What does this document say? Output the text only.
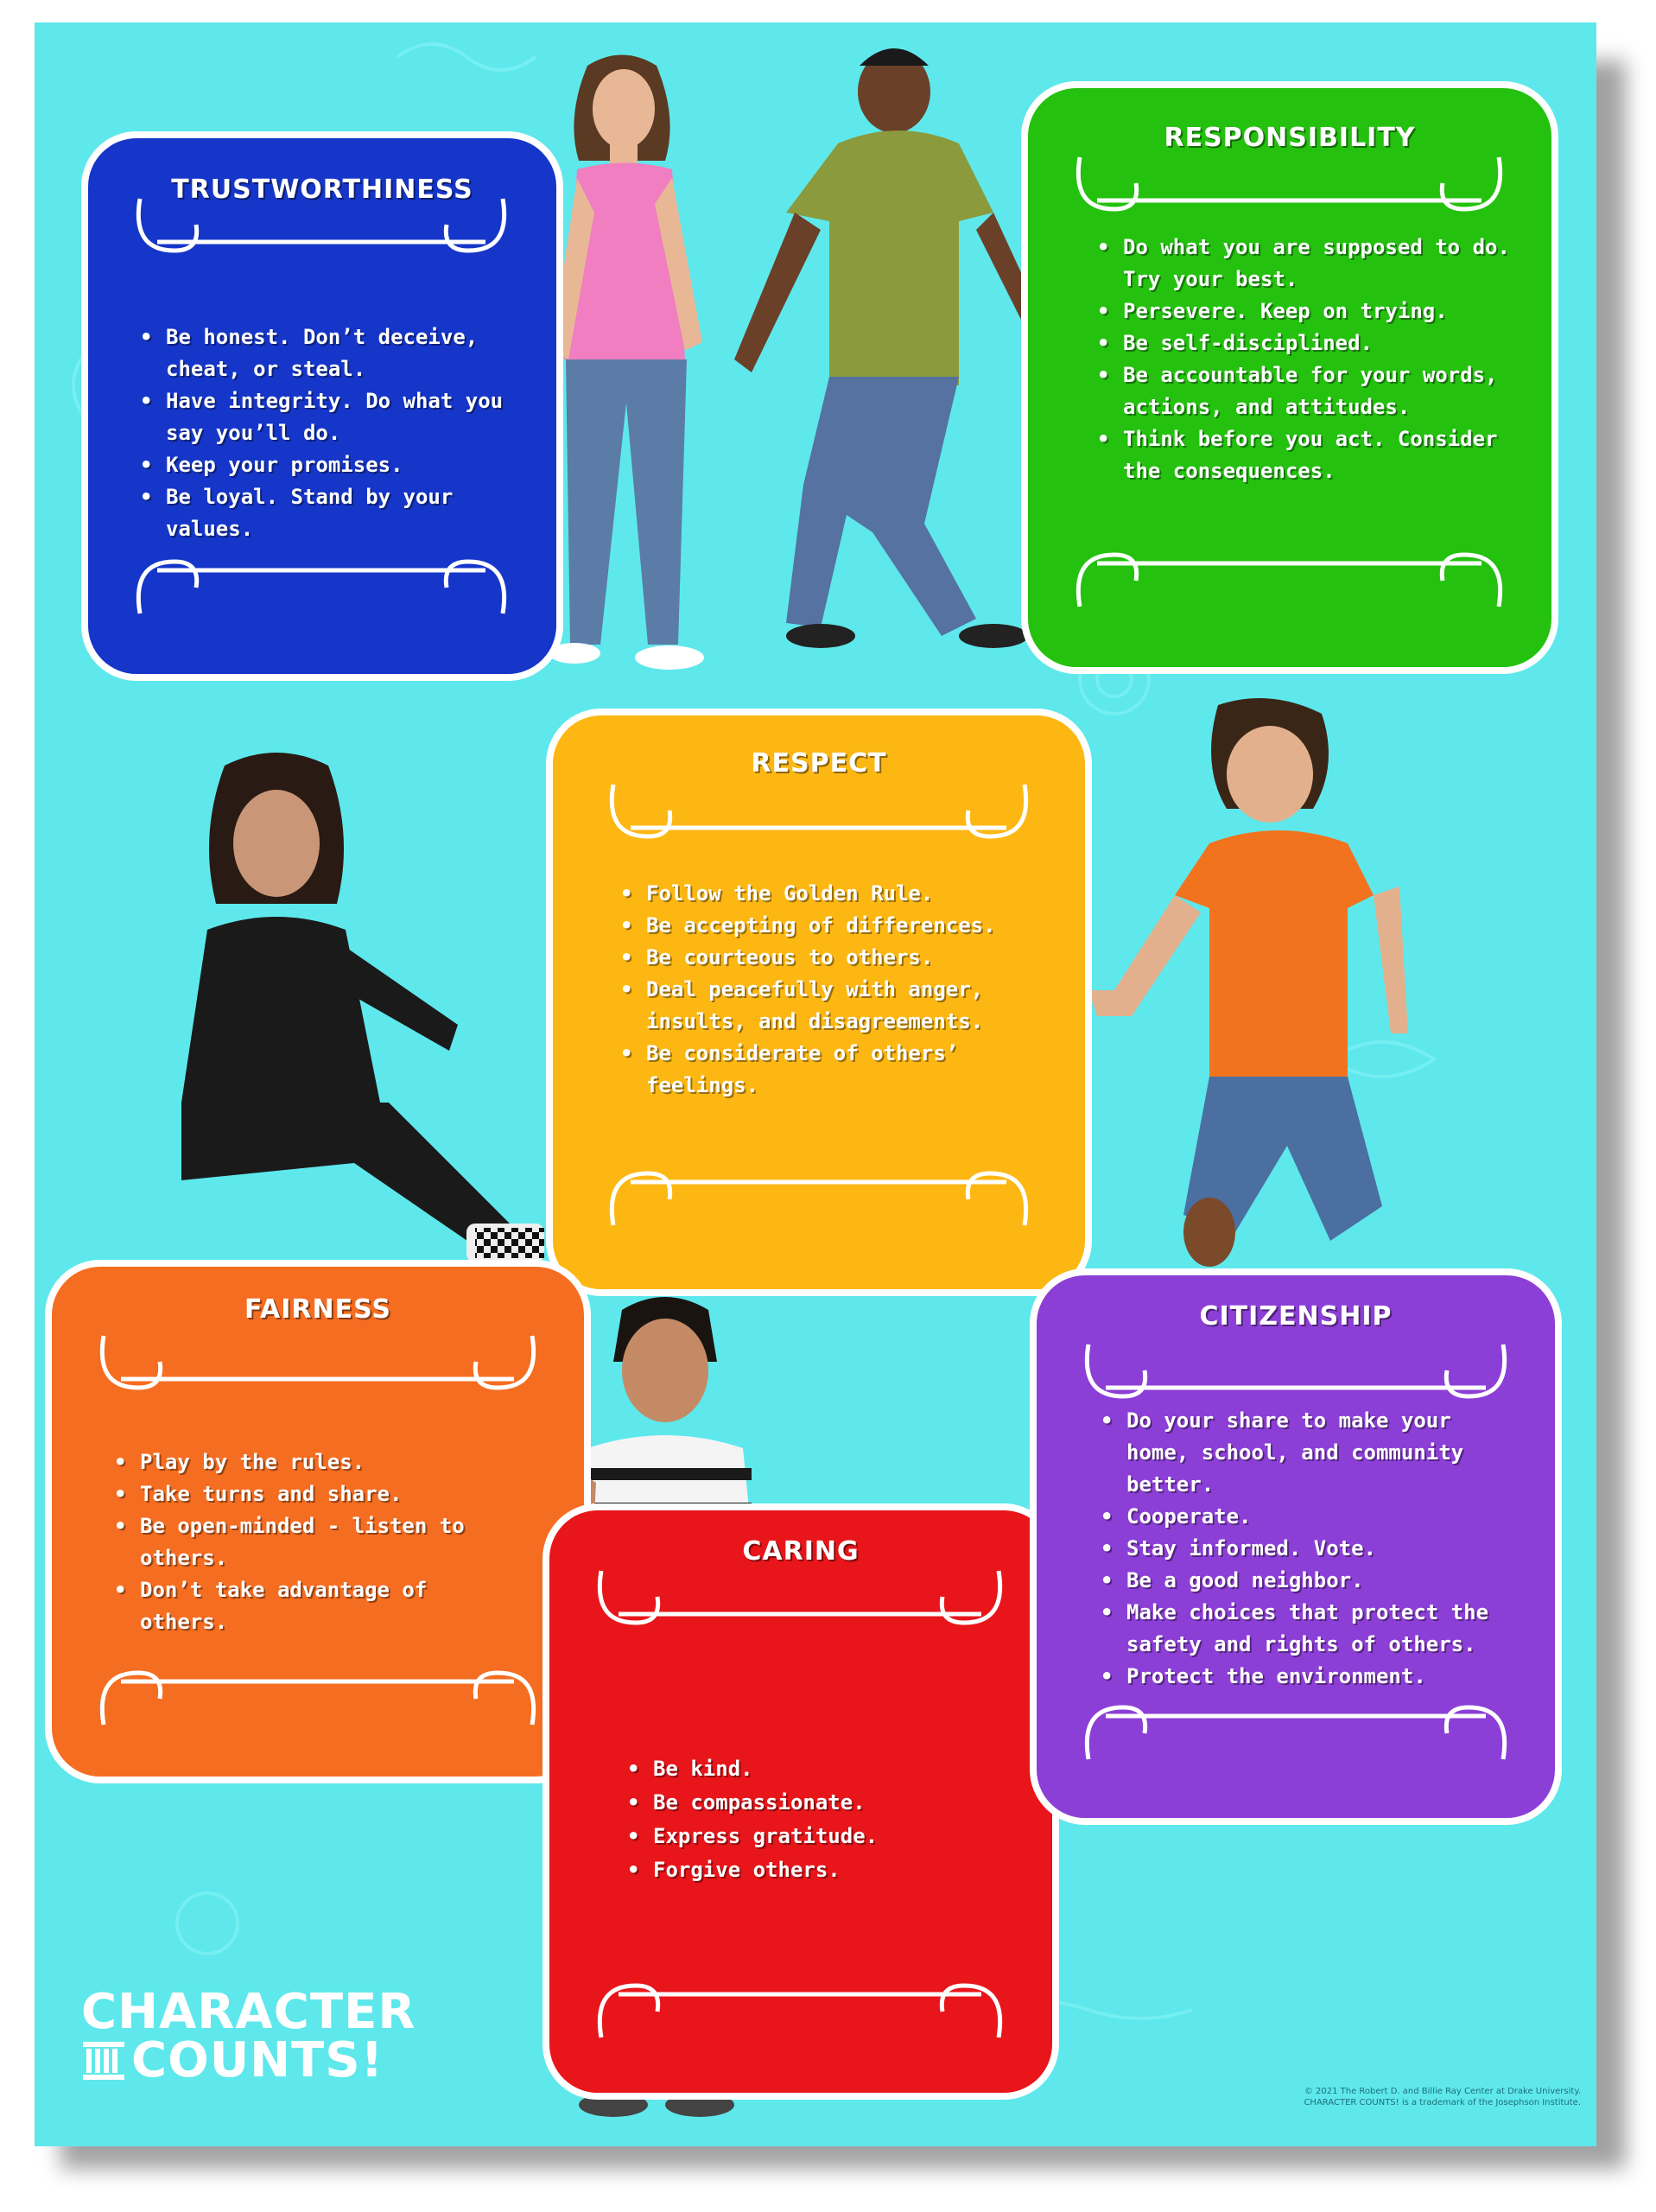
TRUSTWORTHINESS
• Be honest. Don’t deceive, cheat, or steal.
• Have integrity. Do what you say you’ll do.
• Keep your promises.
• Be loyal. Stand by your values.
RESPONSIBILITY
• Do what you are supposed to do. Try your best.
• Persevere. Keep on trying.
• Be self-disciplined.
• Be accountable for your words, actions, and attitudes.
• Think before you act. Consider the consequences.
RESPECT
• Follow the Golden Rule.
• Be accepting of differences.
• Be courteous to others.
• Deal peacefully with anger, insults, and disagreements.
• Be considerate of others’ feelings.
FAIRNESS
• Play by the rules.
• Take turns and share.
• Be open-minded - listen to others.
• Don’t take advantage of others.
CARING
• Be kind.
• Be compassionate.
• Express gratitude.
• Forgive others.
CITIZENSHIP
• Do your share to make your home, school, and community better.
• Cooperate.
• Stay informed. Vote.
• Be a good neighbor.
• Make choices that protect the safety and rights of others.
• Protect the environment.
CHARACTER
COUNTS!
© 2021 The Robert D. and Billie Ray Center at Drake University.
CHARACTER COUNTS! is a trademark of the Josephson Institute.
